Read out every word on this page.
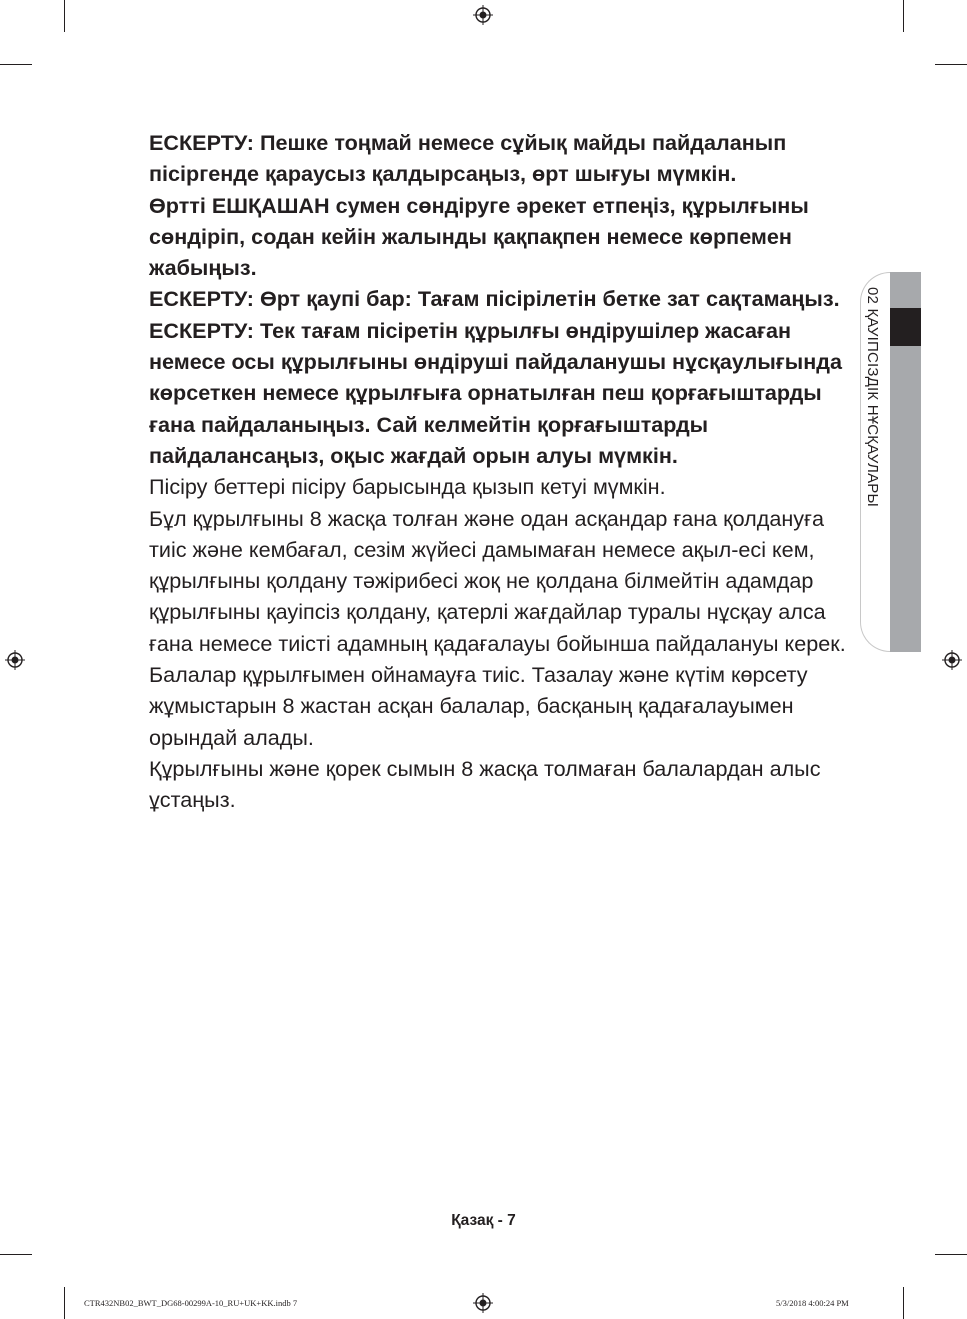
02 ҚАУІПСІЗДІК НҰСҚАУЛАРЫ

ЕСКЕРТУ: Пешке тоңмай немесе сұйық майды пайдаланып пісіргенде қараусыз қалдырсаңыз, өрт шығуы мүмкін.

Өртті ЕШҚАШАН сумен сөндіруге әрекет етпеңіз, құрылғыны сөндіріп, содан кейін жалынды қақпақпен немесе көрпемен жабыңыз.

ЕСКЕРТУ: Өрт қаупі бар: Тағам пісірілетін бетке зат сақтамаңыз.

ЕСКЕРТУ: Тек тағам пісіретін құрылғы өндірушілер жасаған немесе осы құрылғыны өндіруші пайдаланушы нұсқаулығында көрсеткен немесе құрылғыға орнатылған пеш қорғағыштарды ғана пайдаланыңыз. Сай келмейтін қорғағыштарды пайдалансаңыз, оқыс жағдай орын алуы мүмкін.

Пісіру беттері пісіру барысында қызып кетуі мүмкін.

Бұл құрылғыны 8 жасқа толған және одан асқандар ғана қолдануға тиіс және кембағал, сезім жүйесі дамымаған немесе ақыл-есі кем, құрылғыны қолдану тәжірибесі жоқ не қолдана білмейтін адамдар құрылғыны қауіпсіз қолдану, қатерлі жағдайлар туралы нұсқау алса ғана немесе тиісті адамның қадағалауы бойынша пайдалануы керек.

Балалар құрылғымен ойнамауға тиіс. Тазалау және күтім көрсету жұмыстарын 8 жастан асқан балалар, басқаның қадағалауымен орындай алады.

Құрылғыны және қорек сымын 8 жасқа толмаған балалардан алыс ұстаңыз.

Қазақ - 7
CTR432NB02_BWT_DG68-00299A-10_RU+UK+KK.indb 7	5/3/2018 4:00:24 PM
